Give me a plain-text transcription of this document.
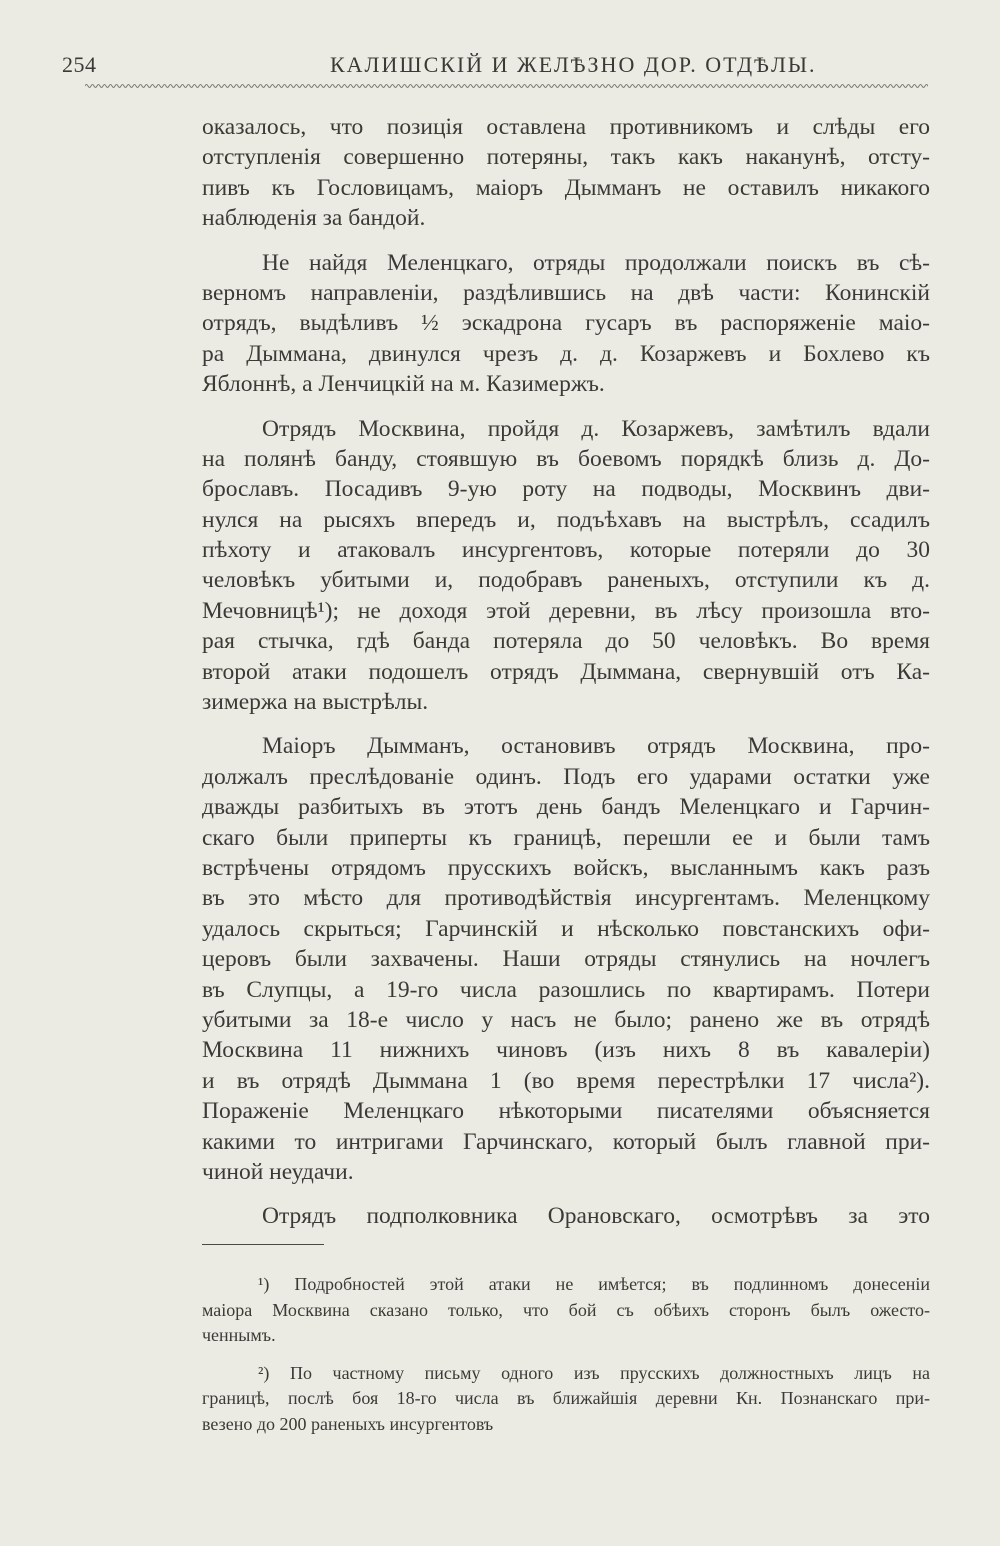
254	КАЛИШСКІЙ И ЖЕЛѢЗНО ДОР. ОТДѢЛЫ.
оказалось, что позиція оставлена противникомъ и слѣды его
отступленія совершенно потеряны, такъ какъ наканунѣ, отсту-
пивъ къ Гословицамъ, маіоръ Дымманъ не оставилъ никакого
наблюденія за бандой.
Не найдя Меленцкаго, отряды продолжали поискъ въ сѣ-
верномъ направленіи, раздѣлившись на двѣ части: Конинскій
отрядъ, выдѣливъ ½ эскадрона гусаръ въ распоряженіе маіо-
ра Дыммана, двинулся чрезъ д. д. Козаржевъ и Бохлево къ
Яблоннѣ, а Ленчицкій на м. Казимержъ.
Отрядъ Москвина, пройдя д. Козаржевъ, замѣтилъ вдали
на полянѣ банду, стоявшую въ боевомъ порядкѣ близь д. До-
брославъ. Посадивъ 9-ую роту на подводы, Москвинъ дви-
нулся на рысяхъ впередъ и, подъѣхавъ на выстрѣлъ, ссадилъ
пѣхоту и атаковалъ инсургентовъ, которые потеряли до 30
человѣкъ убитыми и, подобравъ раненыхъ, отступили къ д.
Мечовницѣ¹); не доходя этой деревни, въ лѣсу произошла вто-
рая стычка, гдѣ банда потеряла до 50 человѣкъ. Во время
второй атаки подошелъ отрядъ Дыммана, свернувшій отъ Ка-
зимержа на выстрѣлы.
Маіоръ Дымманъ, остановивъ отрядъ Москвина, про-
должалъ преслѣдованіе одинъ. Подъ его ударами остатки уже
дважды разбитыхъ въ этотъ день бандъ Меленцкаго и Гарчин-
скаго были приперты къ границѣ, перешли ее и были тамъ
встрѣчены отрядомъ прусскихъ войскъ, высланнымъ какъ разъ
въ это мѣсто для противодѣйствія инсургентамъ. Меленцкому
удалось скрыться; Гарчинскій и нѣсколько повстанскихъ офи-
церовъ были захвачены. Наши отряды стянулись на ночлегъ
въ Слупцы, а 19-го числа разошлись по квартирамъ. Потери
убитыми за 18-е число у насъ не было; ранено же въ отрядѣ
Москвина 11 нижнихъ чиновъ (изъ нихъ 8 въ кавалеріи)
и въ отрядѣ Дыммана 1 (во время перестрѣлки 17 числа²).
Пораженіе Меленцкаго нѣкоторыми писателями объясняется
какими то интригами Гарчинскаго, который былъ главной при-
чиной неудачи.
Отрядъ подполковника Орановскаго, осмотрѣвъ за это
¹) Подробностей этой атаки не имѣется; въ подлинномъ донесеніи
маіора Москвина сказано только, что бой съ обѣихъ сторонъ былъ ожесто-
ченнымъ.
²) По частному письму одного изъ прусскихъ должностныхъ лицъ на
границѣ, послѣ боя 18-го числа въ ближайшія деревни Кн. Познанскаго при-
везено до 200 раненыхъ инсургентовъ
